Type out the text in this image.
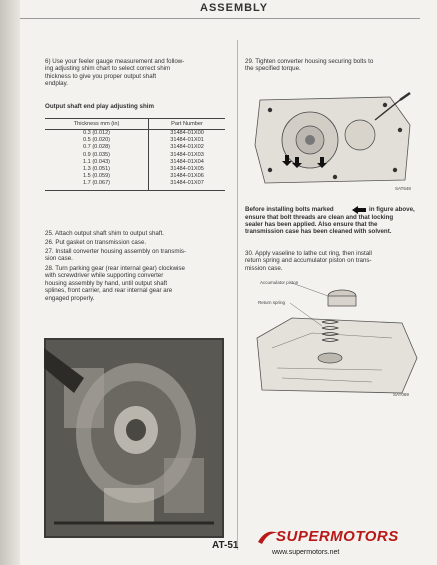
ASSEMBLY
6) Use your feeler gauge measurement and follow-
ing adjusting shim chart to select correct shim
thickness to give you proper output shaft
endplay.
Output shaft end play adjusting shim
Thickness mm (in)	Part Number
0.3 (0.012)	31484-01X00
0.5 (0.020)	31484-01X01
0.7 (0.028)	31484-01X02
0.9 (0.035)	31484-01X03
1.1 (0.043)	31484-01X04
1.3 (0.051)	31484-01X05
1.5 (0.059)	31484-01X06
1.7 (0.067)	31484-01X07
25. Attach output shaft shim to output shaft.
26. Put gasket on transmission case.
27. Install converter housing assembly on transmis-
sion case.
28. Turn parking gear (rear internal gear) clockwise
with screwdriver while supporting converter
housing assembly by hand, until output shaft
splines, front carrier, and rear internal gear are
engaged properly.
29. Tighten converter housing securing bolts to
the specified torque.
SAT648
Before installing bolts marked	in figure above,
ensure that bolt threads are clean and that locking
sealer has been applied. Also ensure that the
transmission case has been cleaned with solvent.
30. Apply vaseline to lathe cut ring, then install
return spring and accumulator piston on trans-
mission case.
Accumulator piston
Return spring
SAT069
AT-51
SUPERMOTORS
www.supermotors.net
